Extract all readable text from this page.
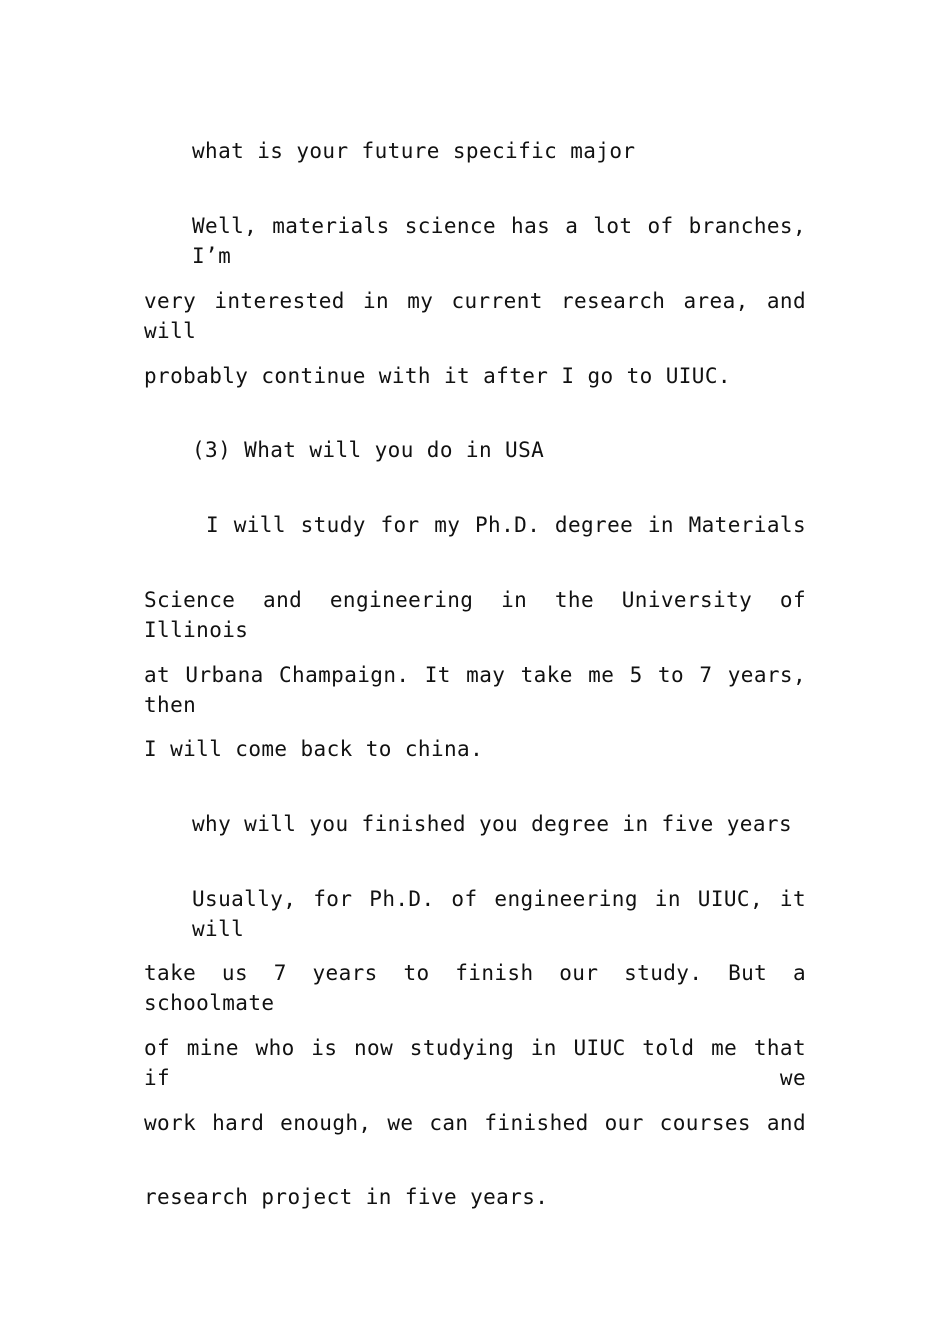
what is your future specific major
Well, materials science has a lot of branches, I’m
very interested in my current research area, and will
probably continue with it after I go to UIUC.
(3) What will you do in USA
I will study for my Ph.D. degree in Materials
Science and engineering in the University of Illinois
at Urbana Champaign. It may take me 5 to 7 years, then
I will come back to china.
why will you finished you degree in five years
Usually, for Ph.D. of engineering in UIUC, it will
take us 7 years to finish our study. But a schoolmate
of mine who is now studying in UIUC told me that if we
work hard enough, we can finished our courses and
research project in five years.
